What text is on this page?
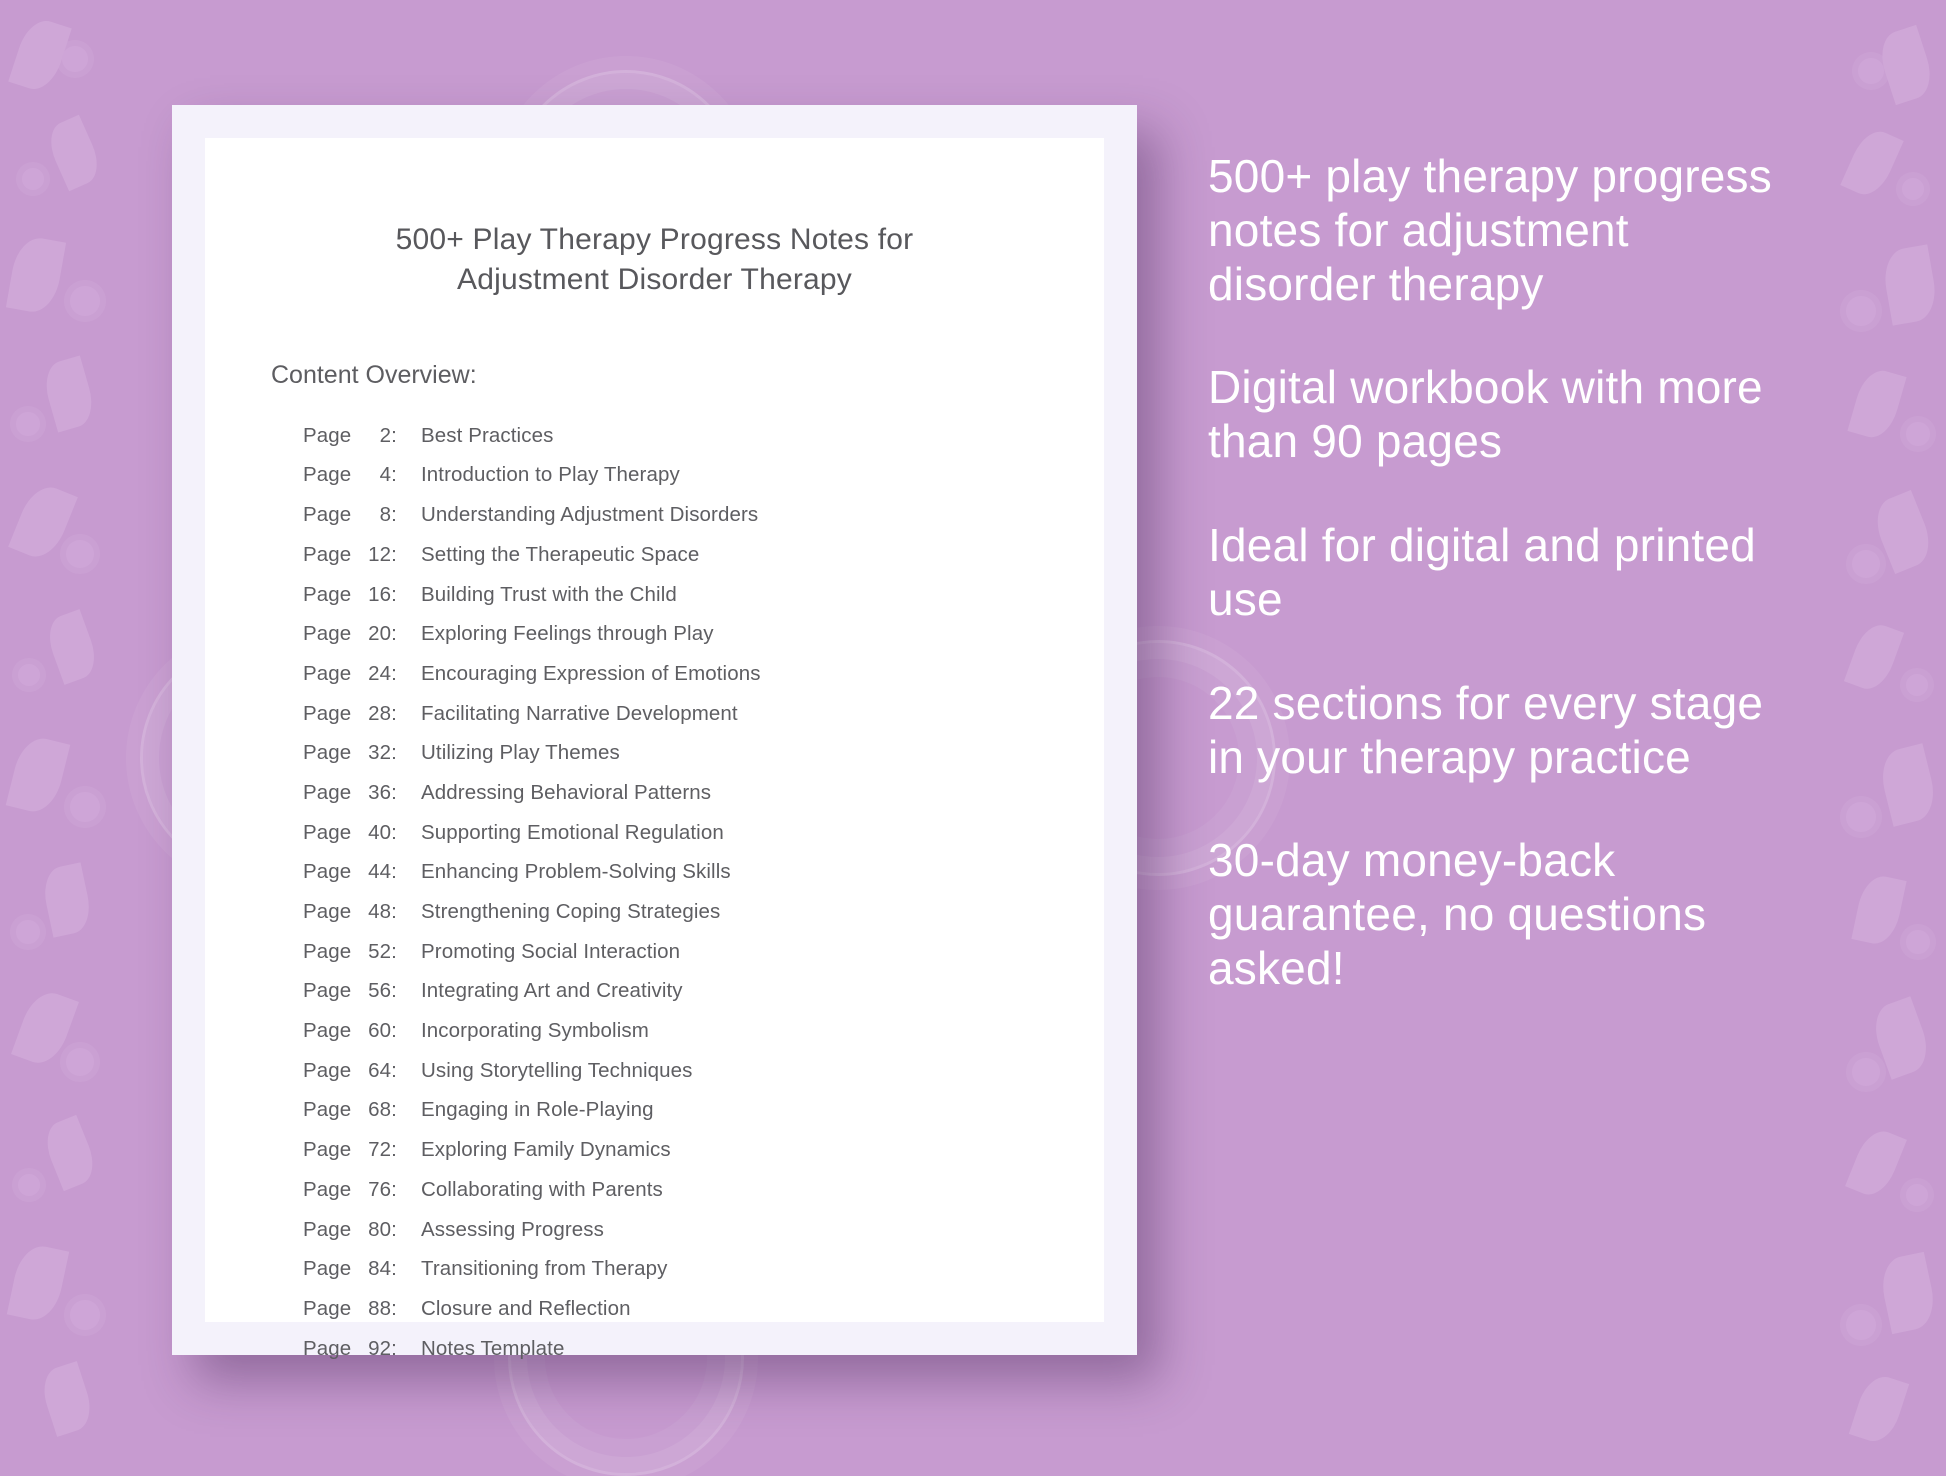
500+ Play Therapy Progress Notes for Adjustment Disorder Therapy
Content Overview:
Page 2:	Best Practices
Page 4:	Introduction to Play Therapy
Page 8:	Understanding Adjustment Disorders
Page 12:	Setting the Therapeutic Space
Page 16:	Building Trust with the Child
Page 20:	Exploring Feelings through Play
Page 24:	Encouraging Expression of Emotions
Page 28:	Facilitating Narrative Development
Page 32:	Utilizing Play Themes
Page 36:	Addressing Behavioral Patterns
Page 40:	Supporting Emotional Regulation
Page 44:	Enhancing Problem-Solving Skills
Page 48:	Strengthening Coping Strategies
Page 52:	Promoting Social Interaction
Page 56:	Integrating Art and Creativity
Page 60:	Incorporating Symbolism
Page 64:	Using Storytelling Techniques
Page 68:	Engaging in Role-Playing
Page 72:	Exploring Family Dynamics
Page 76:	Collaborating with Parents
Page 80:	Assessing Progress
Page 84:	Transitioning from Therapy
Page 88:	Closure and Reflection
Page 92:	Notes Template

500+ play therapy progress notes for adjustment disorder therapy

Digital workbook with more than 90 pages

Ideal for digital and printed use

22 sections for every stage in your therapy practice

30-day money-back guarantee, no questions asked!
